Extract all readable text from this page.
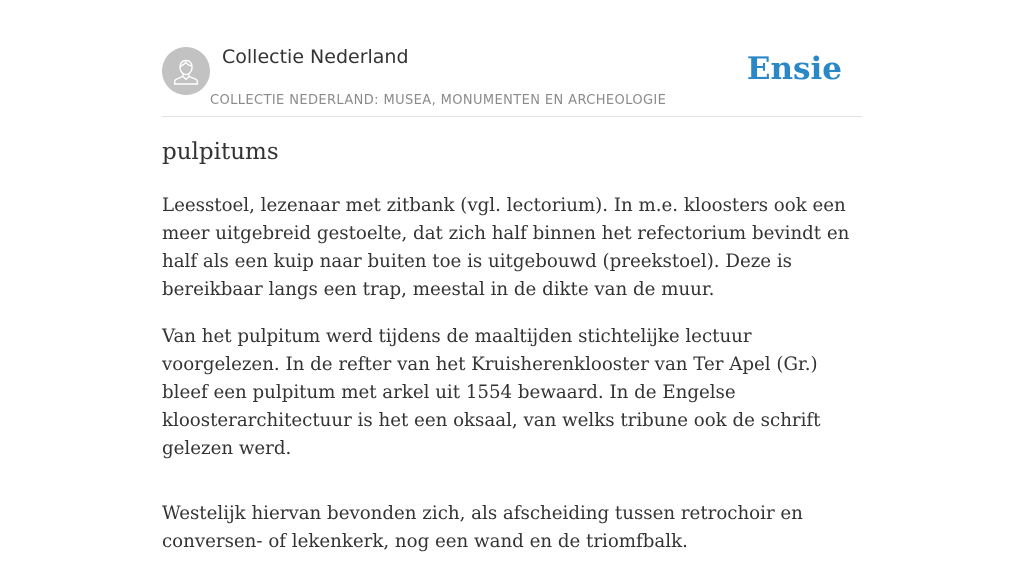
Collectie Nederland
COLLECTIE NEDERLAND: MUSEA, MONUMENTEN EN ARCHEOLOGIE
Ensie
pulpitums

Leesstoel, lezenaar met zitbank (vgl. lectorium). In m.e. kloosters ook een meer uitgebreid gestoelte, dat zich half binnen het refectorium bevindt en half als een kuip naar buiten toe is uitgebouwd (preekstoel). Deze is bereikbaar langs een trap, meestal in de dikte van de muur.

Van het pulpitum werd tijdens de maaltijden stichtelijke lectuur voorgelezen. In de refter van het Kruisherenklooster van Ter Apel (Gr.) bleef een pulpitum met arkel uit 1554 bewaard. In de Engelse kloosterarchitectuur is het een oksaal, van welks tribune ook de schrift gelezen werd.

Westelijk hiervan bevonden zich, als afscheiding tussen retrochoir en conversen- of lekenkerk, nog een wand en de triomfbalk.
